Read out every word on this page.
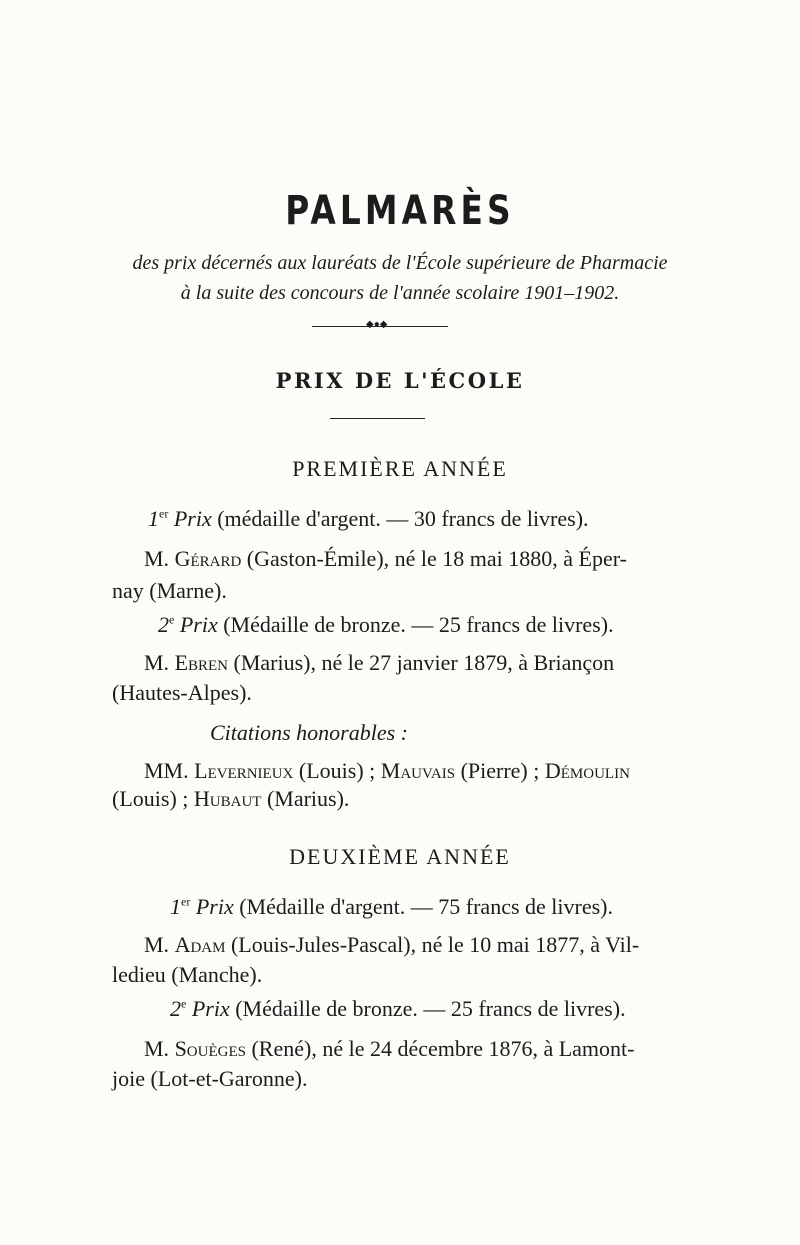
PALMARÈS
des prix décernés aux lauréats de l'École supérieure de Pharmacie
à la suite des concours de l'année scolaire 1901–1902.
◆●◆
PRIX DE L'ÉCOLE
PREMIÈRE ANNÉE
1er Prix (médaille d'argent. — 30 francs de livres).
M. Gérard (Gaston-Émile), né le 18 mai 1880, à Éper-
nay (Marne).
2e Prix (Médaille de bronze. — 25 francs de livres).
M. Ebren (Marius), né le 27 janvier 1879, à Briançon
(Hautes-Alpes).
Citations honorables :
MM. Levernieux (Louis) ; Mauvais (Pierre) ; Démoulin
(Louis) ; Hubaut (Marius).
DEUXIÈME ANNÉE
1er Prix (Médaille d'argent. — 75 francs de livres).
M. Adam (Louis-Jules-Pascal), né le 10 mai 1877, à Vil-
ledieu (Manche).
2e Prix (Médaille de bronze. — 25 francs de livres).
M. Souèges (René), né le 24 décembre 1876, à Lamont-
joie (Lot-et-Garonne).
